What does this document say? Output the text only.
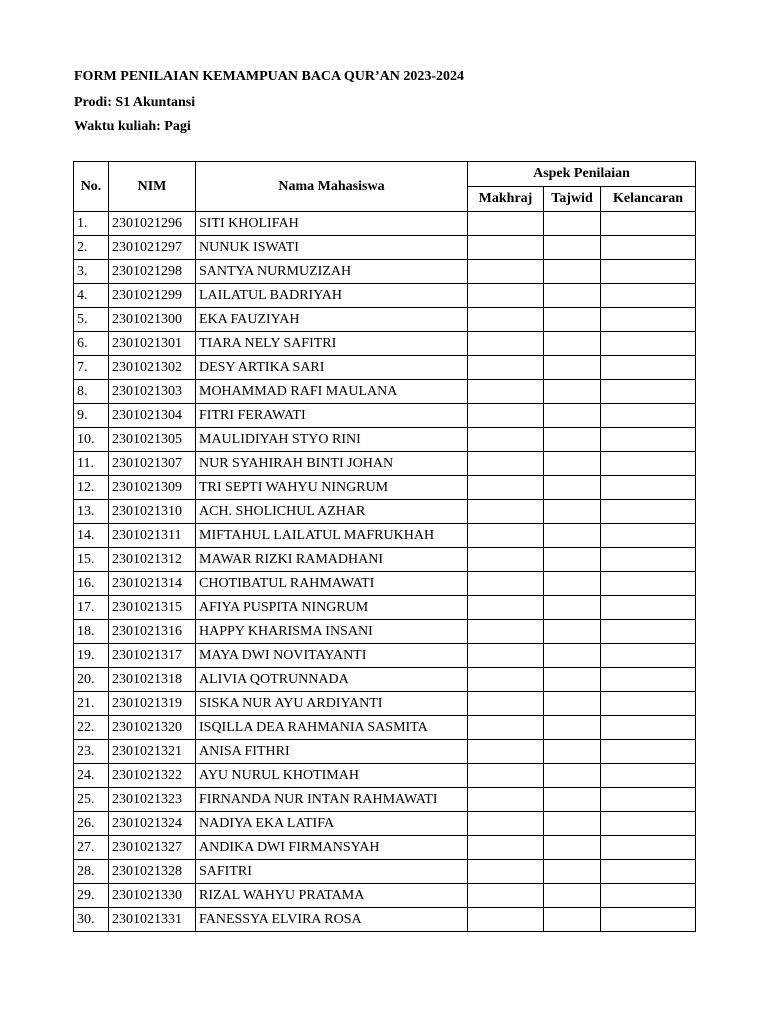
FORM PENILAIAN KEMAMPUAN BACA QUR’AN 2023-2024
Prodi: S1 Akuntansi
Waktu kuliah: Pagi
No.	NIM	Nama Mahasiswa	Aspek Penilaian		
			Makhraj	Tajwid	Kelancaran
1.	2301021296	SITI KHOLIFAH			
2.	2301021297	NUNUK ISWATI			
3.	2301021298	SANTYA NURMUZIZAH			
4.	2301021299	LAILATUL BADRIYAH			
5.	2301021300	EKA FAUZIYAH			
6.	2301021301	TIARA NELY SAFITRI			
7.	2301021302	DESY ARTIKA SARI			
8.	2301021303	MOHAMMAD RAFI MAULANA			
9.	2301021304	FITRI FERAWATI			
10.	2301021305	MAULIDIYAH STYO RINI			
11.	2301021307	NUR SYAHIRAH BINTI JOHAN			
12.	2301021309	TRI SEPTI WAHYU NINGRUM			
13.	2301021310	ACH. SHOLICHUL AZHAR			
14.	2301021311	MIFTAHUL LAILATUL MAFRUKHAH			
15.	2301021312	MAWAR RIZKI RAMADHANI			
16.	2301021314	CHOTIBATUL RAHMAWATI			
17.	2301021315	AFIYA PUSPITA NINGRUM			
18.	2301021316	HAPPY KHARISMA INSANI			
19.	2301021317	MAYA DWI NOVITAYANTI			
20.	2301021318	ALIVIA QOTRUNNADA			
21.	2301021319	SISKA NUR AYU ARDIYANTI			
22.	2301021320	ISQILLA DEA RAHMANIA SASMITA			
23.	2301021321	ANISA FITHRI			
24.	2301021322	AYU NURUL KHOTIMAH			
25.	2301021323	FIRNANDA NUR INTAN RAHMAWATI			
26.	2301021324	NADIYA EKA LATIFA			
27.	2301021327	ANDIKA DWI FIRMANSYAH			
28.	2301021328	SAFITRI			
29.	2301021330	RIZAL WAHYU PRATAMA			
30.	2301021331	FANESSYA ELVIRA ROSA			
